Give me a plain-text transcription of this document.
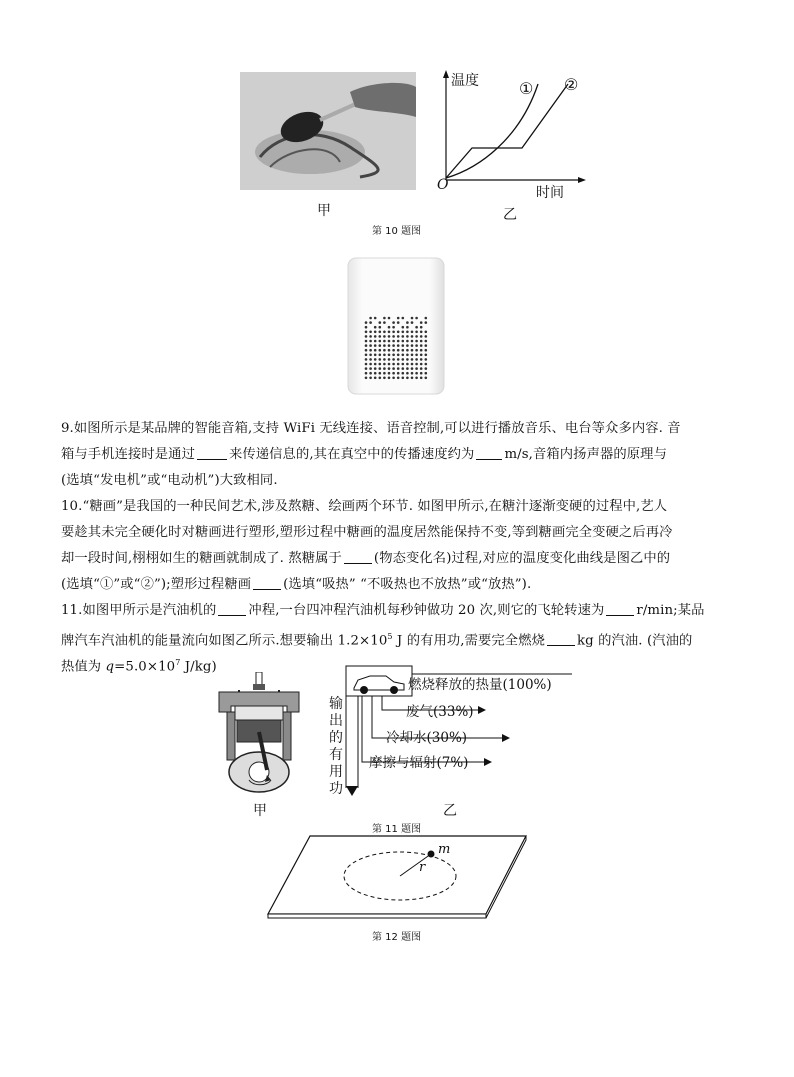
甲
温度	① ②
O	时间
乙
第 10 题图
9.如图所示是某品牌的智能音箱,支持 WiFi 无线连接、语音控制,可以进行播放音乐、电台等众多内容. 音
箱与手机连接时是通过	来传递信息的,其在真空中的传播速度约为 m/s,音箱内扬声器的原理与
(选填“发电机”或“电动机”)大致相同.
10.“糖画”是我国的一种民间艺术,涉及熬糖、绘画两个环节. 如图甲所示,在糖汁逐渐变硬的过程中,艺人
要趁其未完全硬化时对糖画进行塑形,塑形过程中糖画的温度居然能保持不变,等到糖画完全变硬之后再冷
却一段时间,栩栩如生的糖画就制成了. 熬糖属于 (物态变化名)过程,对应的温度变化曲线是图乙中的
(选填“①”或“②”);塑形过程糖画 (选填“吸热” “不吸热也不放热”或“放热”).
11.如图甲所示是汽油机的 冲程,一台四冲程汽油机每秒钟做功 20 次,则它的飞轮转速为 r/min;某品
牌汽车汽油机的能量流向如图乙所示.想要输出 $1.2\times 10^5$ J 的有用功,需要完全燃烧 kg 的汽油. (汽油的
热值为 $q=5.0\times 10^7$ J/kg)
甲
燃烧释放的热量(100%)
废气(33%)
冷却水(30%)
摩擦与辐射(7%)
输
出
的
有
用
功
乙
第 11 题图
m
r
第 12 题图
